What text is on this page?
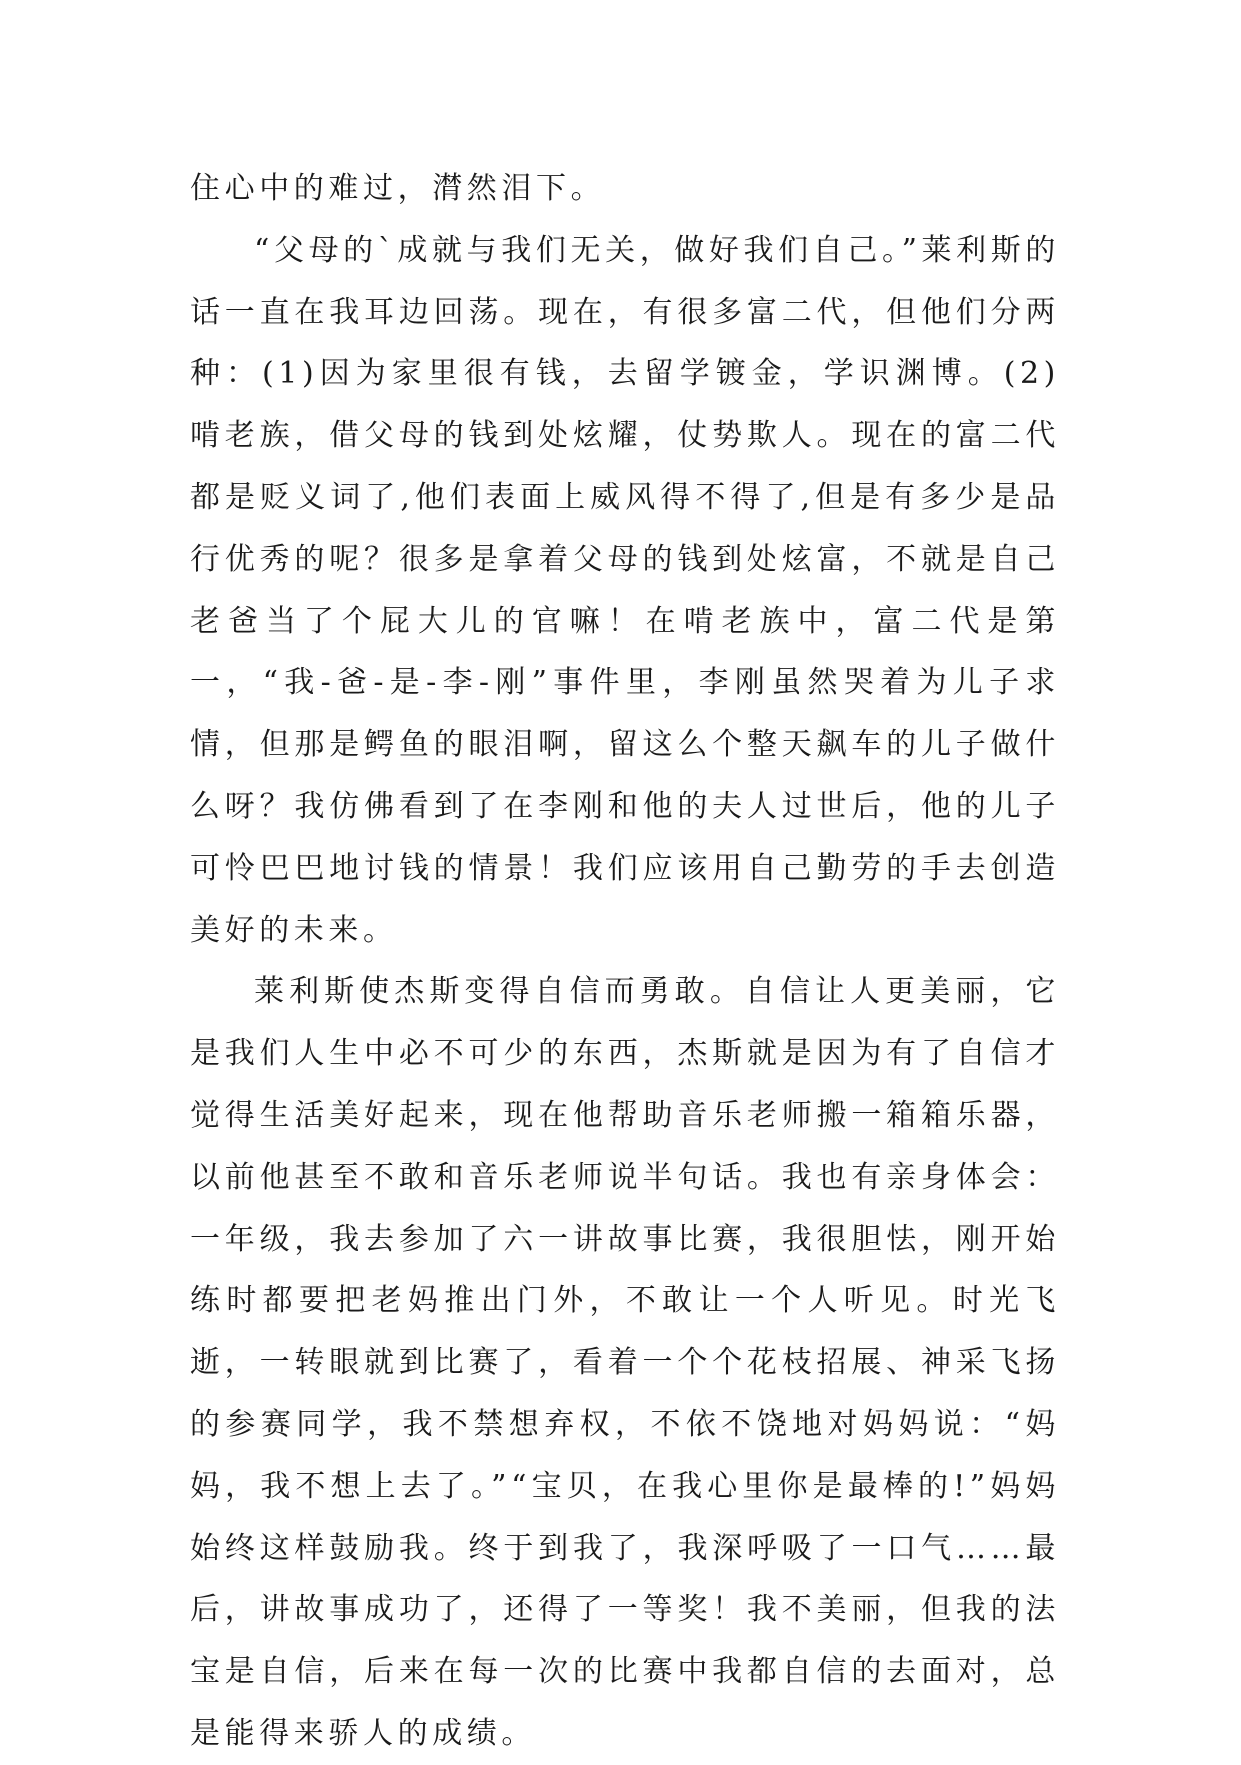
住心中的难过，潸然泪下。

“父母的`成就与我们无关，做好我们自己。”莱利斯的话一直在我耳边回荡。现在，有很多富二代，但他们分两种：(1)因为家里很有钱，去留学镀金，学识渊博。(2)啃老族，借父母的钱到处炫耀，仗势欺人。现在的富二代都是贬义词了,他们表面上威风得不得了,但是有多少是品行优秀的呢？很多是拿着父母的钱到处炫富，不就是自己老爸当了个屁大儿的官嘛！在啃老族中，富二代是第一，“我-爸-是-李-刚”事件里，李刚虽然哭着为儿子求情，但那是鳄鱼的眼泪啊，留这么个整天飙车的儿子做什么呀？我仿佛看到了在李刚和他的夫人过世后，他的儿子可怜巴巴地讨钱的情景！我们应该用自己勤劳的手去创造美好的未来。

莱利斯使杰斯变得自信而勇敢。自信让人更美丽，它是我们人生中必不可少的东西，杰斯就是因为有了自信才觉得生活美好起来，现在他帮助音乐老师搬一箱箱乐器，以前他甚至不敢和音乐老师说半句话。我也有亲身体会：一年级，我去参加了六一讲故事比赛，我很胆怯，刚开始练时都要把老妈推出门外，不敢让一个人听见。时光飞逝，一转眼就到比赛了，看着一个个花枝招展、神采飞扬的参赛同学，我不禁想弃权，不依不饶地对妈妈说：“妈妈，我不想上去了。”“宝贝，在我心里你是最棒的!”妈妈始终这样鼓励我。终于到我了，我深呼吸了一口气……最后，讲故事成功了，还得了一等奖！我不美丽，但我的法宝是自信，后来在每一次的比赛中我都自信的去面对，总是能得来骄人的成绩。
